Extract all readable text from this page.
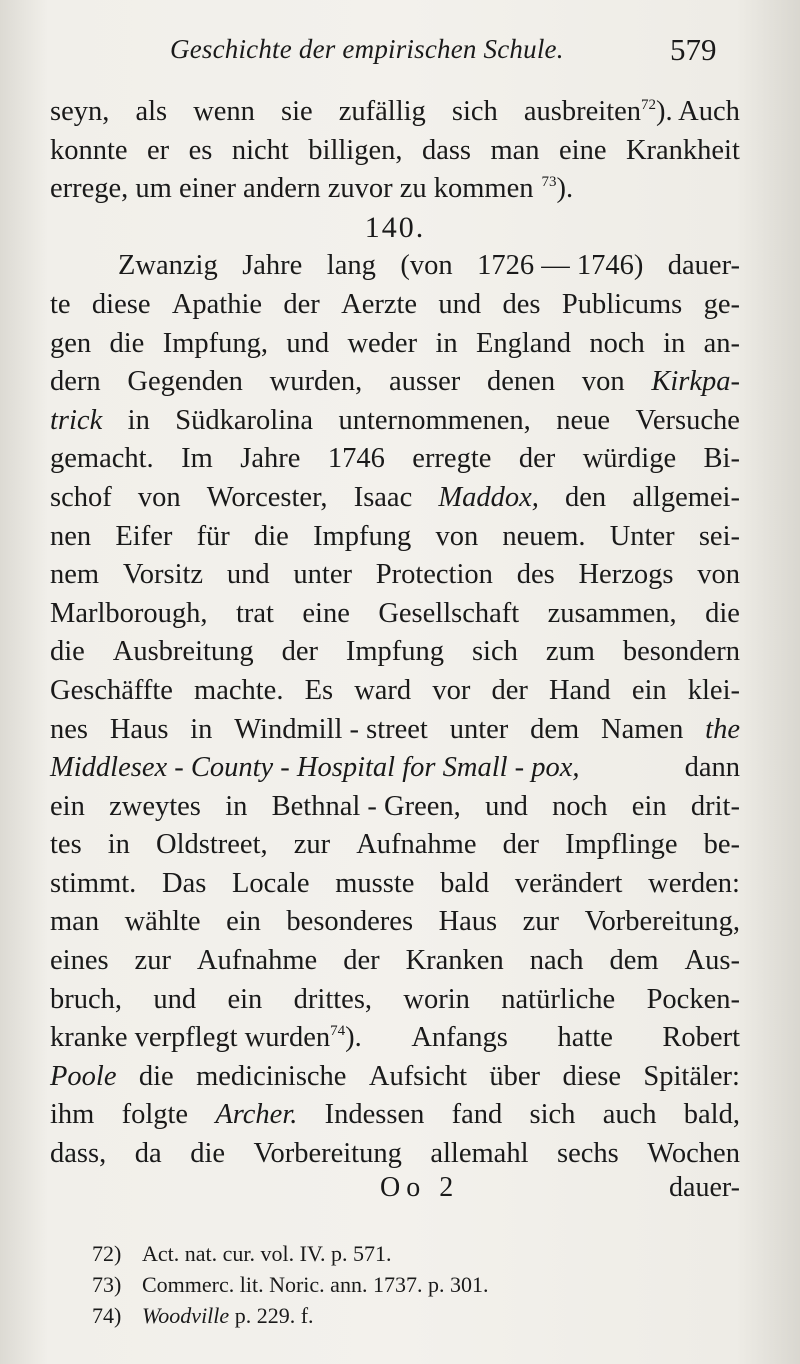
Geschichte der empirischen Schule.	579
seyn, als wenn sie zufällig sich ausbreiten$^{72}$). Auch
konnte er es nicht billigen, dass man eine Krankheit
errege, um einer andern zuvor zu kommen $^{73}$).
140.
Zwanzig Jahre lang (von 1726 — 1746) dauer-
te diese Apathie der Aerzte und des Publicums ge-
gen die Impfung, und weder in England noch in an-
dern Gegenden wurden, ausser denen von Kirkpa-
trick in Südkarolina unternommenen, neue Versuche
gemacht. Im Jahre 1746 erregte der würdige Bi-
schof von Worcester, Isaac Maddox, den allgemei-
nen Eifer für die Impfung von neuem. Unter sei-
nem Vorsitz und unter Protection des Herzogs von
Marlborough, trat eine Gesellschaft zusammen, die
die Ausbreitung der Impfung sich zum besondern
Geschäffte machte. Es ward vor der Hand ein klei-
nes Haus in Windmill - street unter dem Namen the
Middlesex - County - Hospital for Small - pox,	dann
ein zweytes in Bethnal - Green, und noch ein drit-
tes in Oldstreet, zur Aufnahme der Impflinge be-
stimmt. Das Locale musste bald verändert werden:
man wählte ein besonderes Haus zur Vorbereitung,
eines zur Aufnahme der Kranken nach dem Aus-
bruch, und ein drittes, worin natürliche Pocken-
kranke verpflegt wurden$^{74}$). Anfangs hatte Robert
Poole die medicinische Aufsicht über diese Spitäler:
ihm folgte Archer. Indessen fand sich auch bald,
dass, da die Vorbereitung allemahl sechs Wochen
Oo 2	dauer-
72) Act. nat. cur. vol. IV. p. 571.
73) Commerc. lit. Noric. ann. 1737. p. 301.
74) Woodville p. 229. f.
